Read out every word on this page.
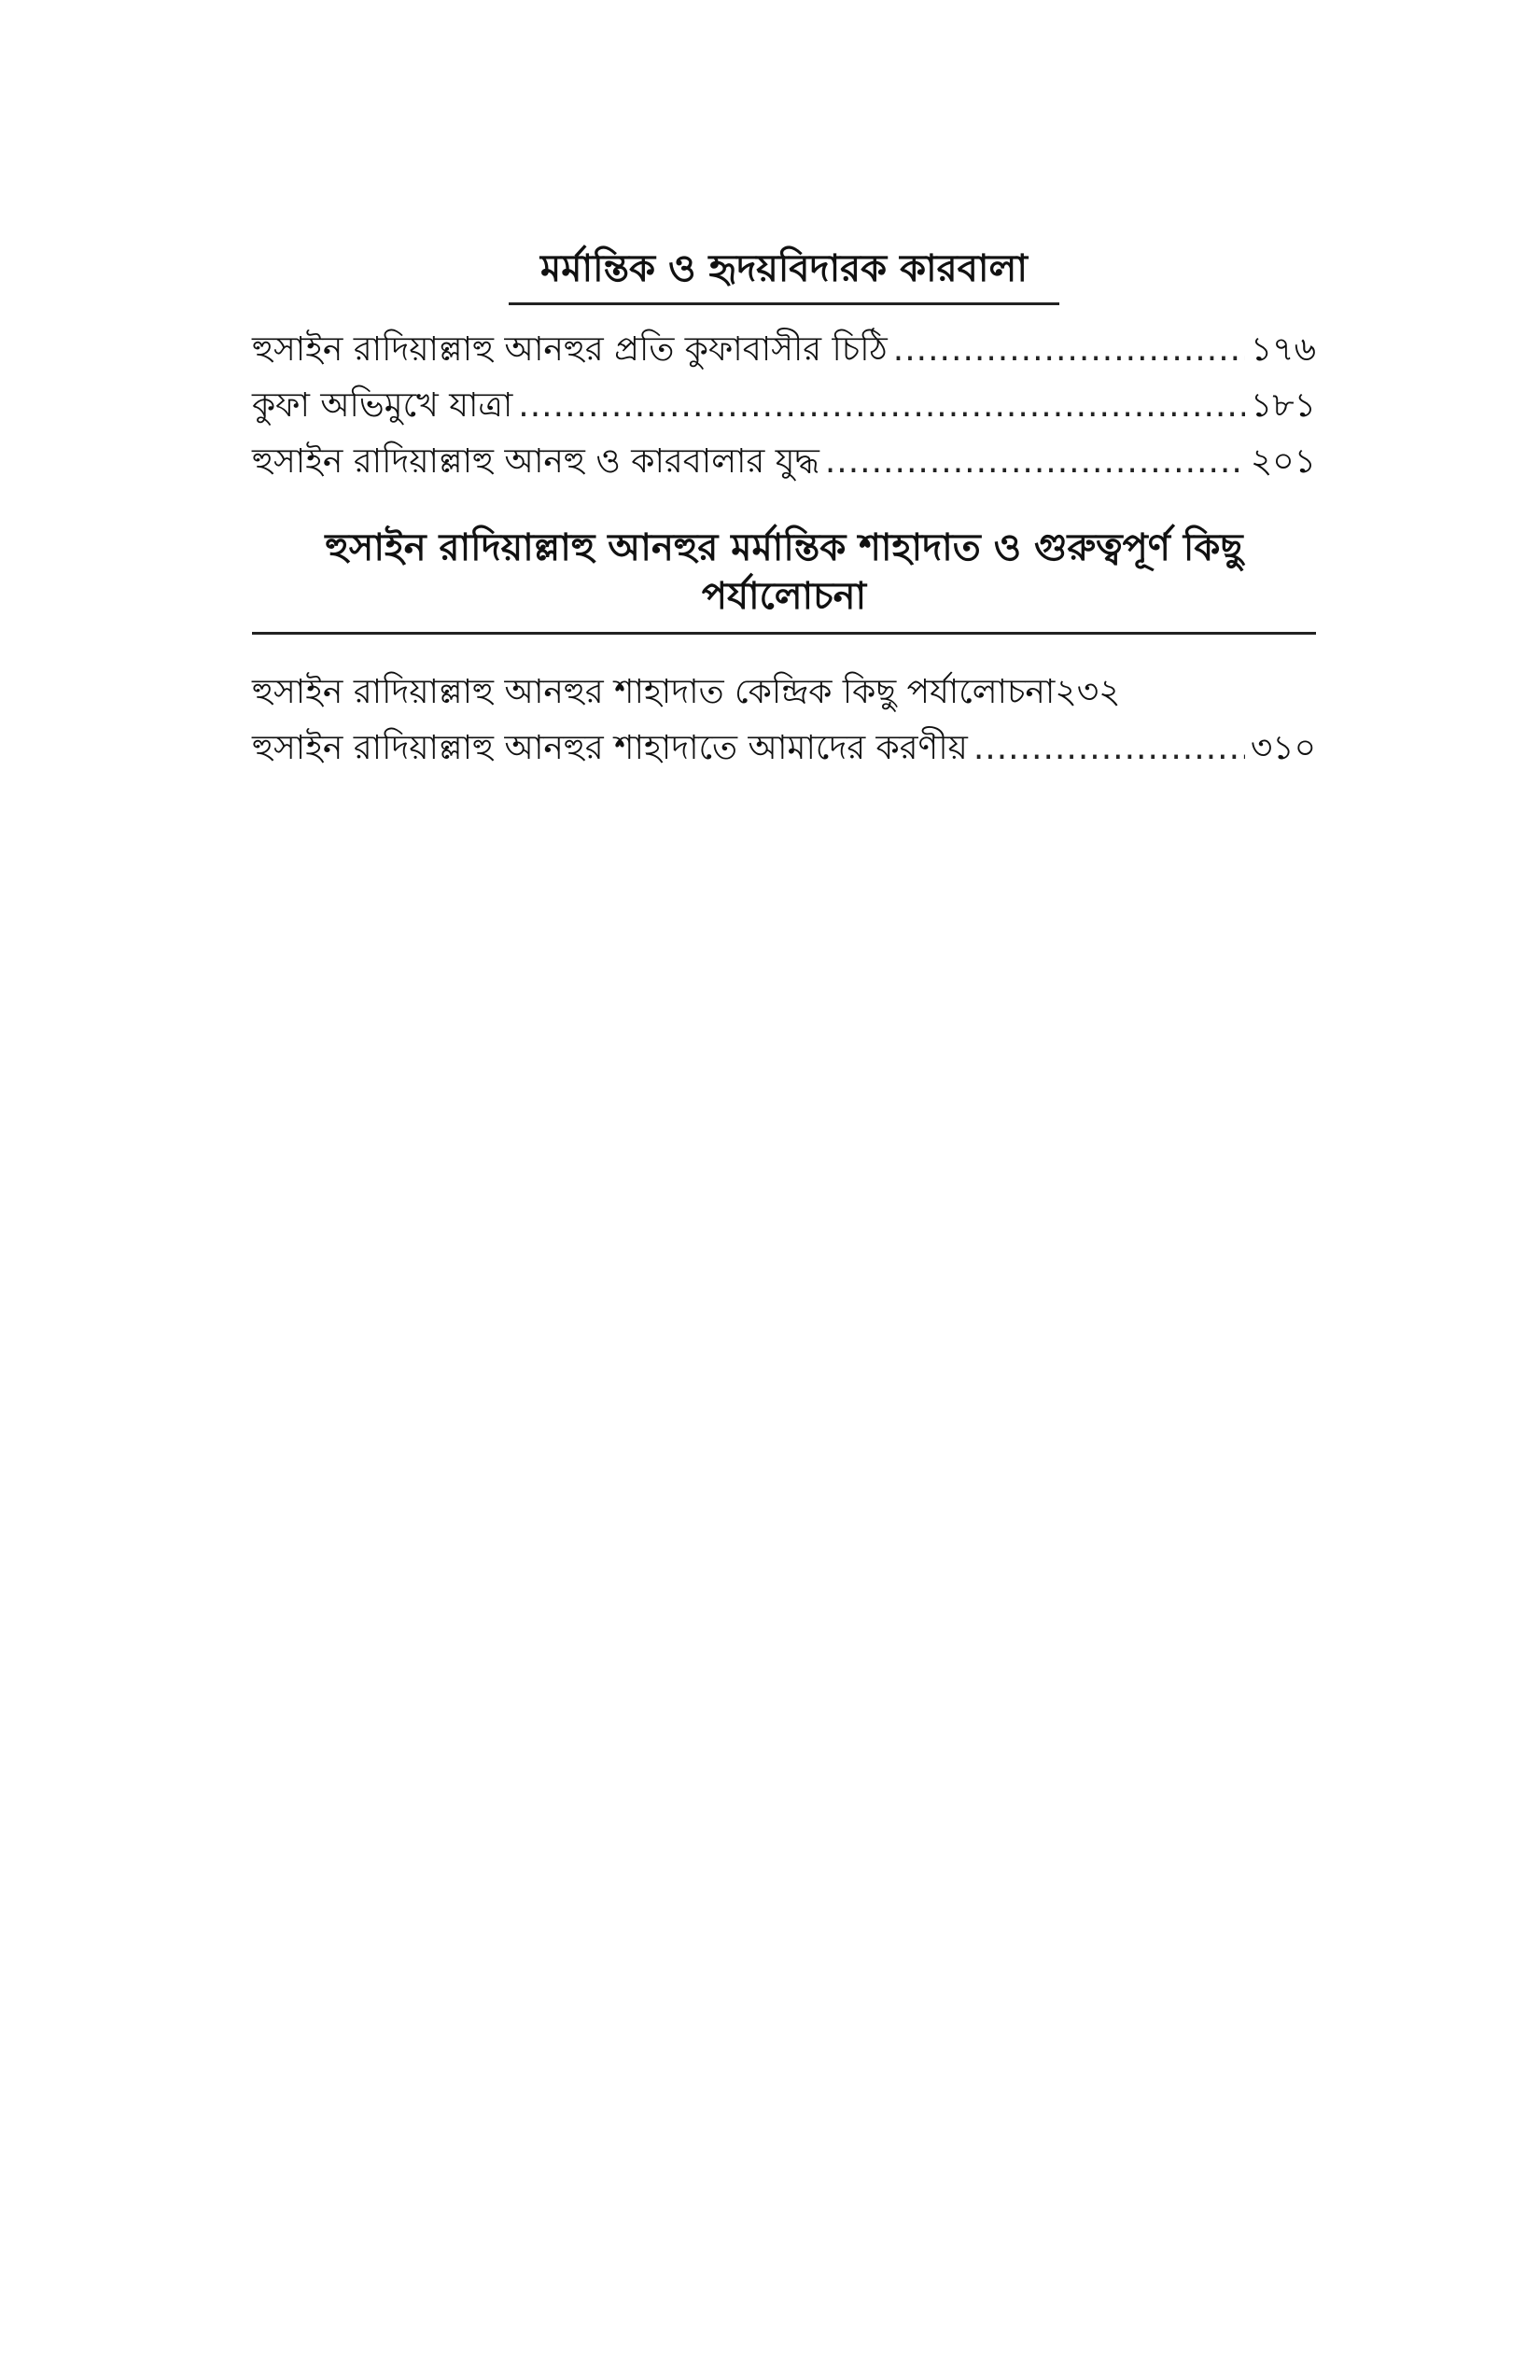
মর্মান্তিক ও হৃদয়বিদারক কারবালা
হুসাইন রাদিয়াল্লাহু আনহুর প্রতি কুফাবাসীর চিঠি .....	১৭৬
কুফা অভিমুখে যাত্রা .....	১৮১
হুসাইন রাদিয়াল্লাহু আনহু ও কারবালার যুদ্ধ .....	২০১
হুসাইন রাদিয়াল্লাহু আনহুর মর্মান্তিক শাহাদাত ও গুরুত্বপূর্ণ কিছু
পর্যালোচনা
হুসাইন রাদিয়াল্লাহু আনহুর শাহাদাত কেন্দ্রিক কিছু পর্যালোচনা ২৩২
হুসাইন রাদিয়াল্লাহু আনহুর শাহাদাতে আমাদের করণীয় .....	৩১০
